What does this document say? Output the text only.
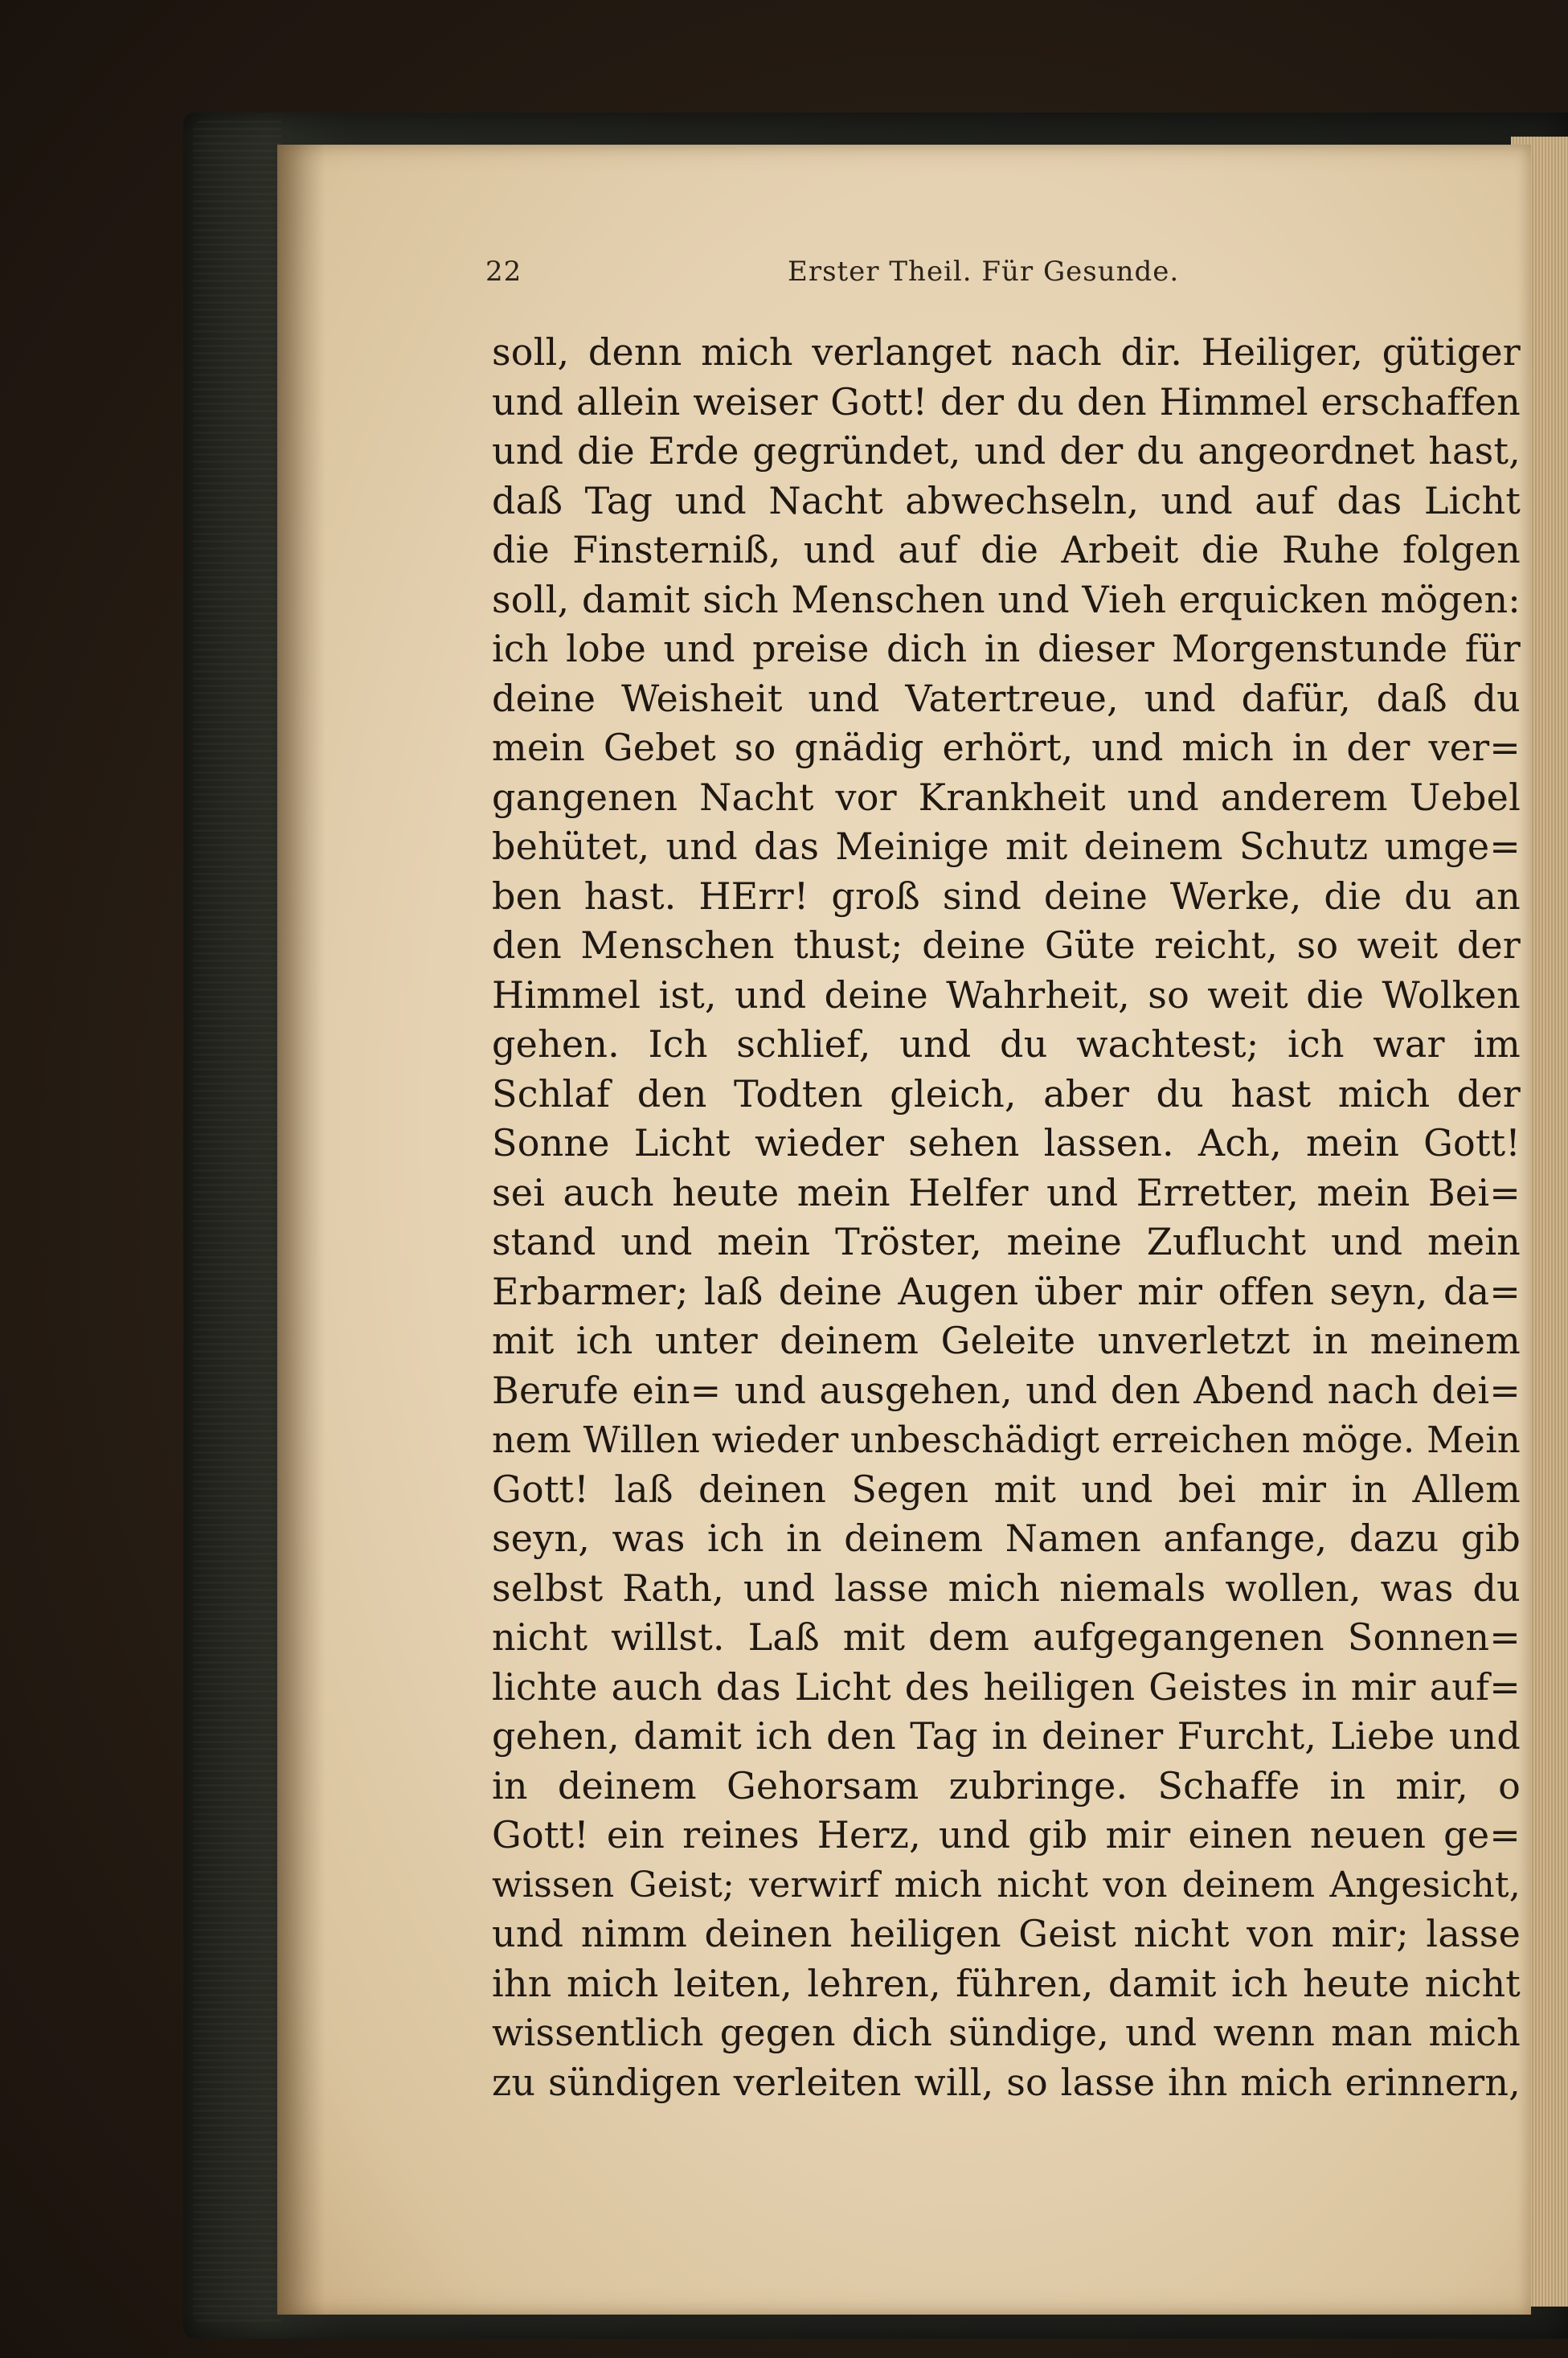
22	Erster Theil. Für Gesunde.
soll, denn mich verlanget nach dir. Heiliger, gütiger
und allein weiser Gott! der du den Himmel erschaffen
und die Erde gegründet, und der du angeordnet hast,
daß Tag und Nacht abwechseln, und auf das Licht
die Finsterniß, und auf die Arbeit die Ruhe folgen
soll, damit sich Menschen und Vieh erquicken mögen:
ich lobe und preise dich in dieser Morgenstunde für
deine Weisheit und Vatertreue, und dafür, daß du
mein Gebet so gnädig erhört, und mich in der ver=
gangenen Nacht vor Krankheit und anderem Uebel
behütet, und das Meinige mit deinem Schutz umge=
ben hast. HErr! groß sind deine Werke, die du an
den Menschen thust; deine Güte reicht, so weit der
Himmel ist, und deine Wahrheit, so weit die Wolken
gehen. Ich schlief, und du wachtest; ich war im
Schlaf den Todten gleich, aber du hast mich der
Sonne Licht wieder sehen lassen. Ach, mein Gott!
sei auch heute mein Helfer und Erretter, mein Bei=
stand und mein Tröster, meine Zuflucht und mein
Erbarmer; laß deine Augen über mir offen seyn, da=
mit ich unter deinem Geleite unverletzt in meinem
Berufe ein= und ausgehen, und den Abend nach dei=
nem Willen wieder unbeschädigt erreichen möge. Mein
Gott! laß deinen Segen mit und bei mir in Allem
seyn, was ich in deinem Namen anfange, dazu gib
selbst Rath, und lasse mich niemals wollen, was du
nicht willst. Laß mit dem aufgegangenen Sonnen=
lichte auch das Licht des heiligen Geistes in mir auf=
gehen, damit ich den Tag in deiner Furcht, Liebe und
in deinem Gehorsam zubringe. Schaffe in mir, o
Gott! ein reines Herz, und gib mir einen neuen ge=
wissen Geist; verwirf mich nicht von deinem Angesicht,
und nimm deinen heiligen Geist nicht von mir; lasse
ihn mich leiten, lehren, führen, damit ich heute nicht
wissentlich gegen dich sündige, und wenn man mich
zu sündigen verleiten will, so lasse ihn mich erinnern,
